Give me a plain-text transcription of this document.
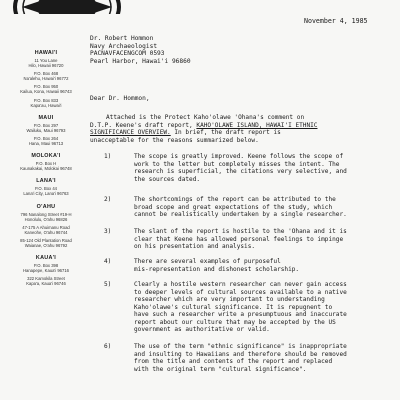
HAWAI'I
11 You Lane
Hilo, Hawaii 96720
P.O. Box 468
Na'alehu, Hawai'i 96772
P.O. Box 950
Kailua, Kona, Hawaii 96743
P.O. Box 833
Kapa'au, Hawai'i
MAUI
P.O. Box 297
Wailuku, Maui 96793
P.O. Box 264
Hana, Maui 96713
MOLOKA'I
P.O. Box H
Kaunakakai, Molokai 96748
LANA'I
P.O. Box 44
Lana'i City, Lana'i 96763
O'AHU
796 Nanalong Street #19-H
Honolulu, O'ahu 96826
47-175 A Ahuimanu Road
Kaneohe, O'ahu 96744
85-124 Old Plantation Road
Waianae, O'ahu 96792
KAUA'I
P.O. Box 398
Hanapepe, Kaua'i 96716
322 Kamokila Street
Kapa'a, Kaua'i 96746
November 4, 1985
Dr. Robert Hommon
Navy Archaeologist
PACNAVFACENGCOM 0593
Pearl Harbor, Hawai'i 96860
Dear Dr. Hommon,
Attached is the Protect Kaho'olawe 'Ohana's comment on
D.T.P. Keene's draft report, KAHO'OLAWE ISLAND, HAWAI'I ETHNIC
SIGNIFICANCE OVERVIEW. In brief, the draft report is
unacceptable for the reasons summarized below.
1)	The scope is greatly improved. Keene follows the scope of
work to the letter but completely misses the intent. The
research is superficial, the citations very selective, and
the sources dated.
2)	The shortcomings of the report can be attributed to the
broad scope and great expectations of the study, which
cannot be realistically undertaken by a single researcher.
3)	The slant of the report is hostile to the 'Ohana and it is
clear that Keene has allowed personal feelings to impinge
on his presentation and analysis.
4)	There are several examples of purposeful
mis-representation and dishonest scholarship.
5)	Clearly a hostile western researcher can never gain access
to deeper levels of cultural sources available to a native
researcher which are very important to understanding
Kaho'olawe's cultural significance. It is repugnent to
have such a researcher write a presumptuous and inaccurate
report about our culture that may be accepted by the US
government as authoritative or valid.
6)	The use of the term "ethnic significance" is inappropriate
and insulting to Hawaiians and therefore should be removed
from the title and contents of the report and replaced
with the original term "cultural significance".
